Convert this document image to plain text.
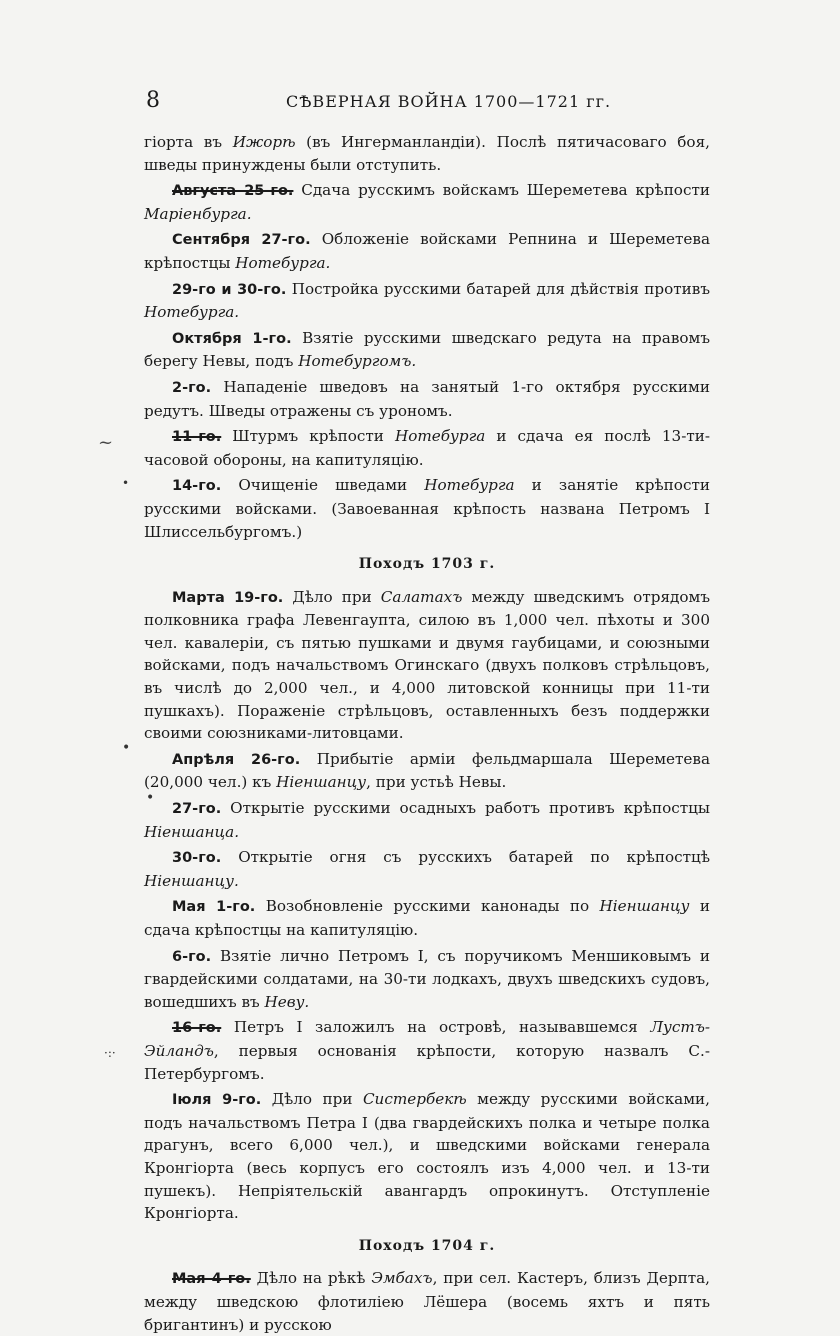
8	СѢВЕРНАЯ ВОЙНА 1700—1721 гг.
•
~
•
•
·:·

гіорта въ Ижорѣ (въ Ингерманландіи). Послѣ пятичасоваго боя, шведы принуждены были отступить.

Августа 25-го. Сдача русскимъ войскамъ Шереметева крѣпости Маріенбурга.

Сентября 27-го. Обложеніе войсками Репнина и Шереметева крѣпостцы Нотебурга.

29-го и 30-го. Постройка русскими батарей для дѣйствія противъ Нотебурга.

Октября 1-го. Взятіе русскими шведскаго редута на правомъ берегу Невы, подъ Нотебургомъ.

2-го. Нападеніе шведовъ на занятый 1-го октября русскими редутъ. Шведы отражены съ урономъ.

11-го. Штурмъ крѣпости Нотебурга и сдача ея послѣ 13-ти-часовой обороны, на капитуляцію.

14-го. Очищеніе шведами Нотебурга и занятіе крѣпости русскими войсками. (Завоеванная крѣпость названа Петромъ I Шлиссельбургомъ.)

Походъ 1703 г.

Марта 19-го. Дѣло при Салатахъ между шведскимъ отрядомъ полковника графа Левенгаупта, силою въ 1,000 чел. пѣхоты и 300 чел. кавалеріи, съ пятью пушками и двумя гаубицами, и союзными войсками, подъ начальствомъ Огинскаго (двухъ полковъ стрѣльцовъ, въ числѣ до 2,000 чел., и 4,000 литовской конницы при 11-ти пушкахъ). Пораженіе стрѣльцовъ, оставленныхъ безъ поддержки своими союзниками-литовцами.

Апрѣля 26-го. Прибытіе арміи фельдмаршала Шереметева (20,000 чел.) къ Ніеншанцу, при устьѣ Невы.

27-го. Открытіе русскими осадныхъ работъ противъ крѣпостцы Ніеншанца.

30-го. Открытіе огня съ русскихъ батарей по крѣпостцѣ Ніеншанцу.

Мая 1-го. Возобновленіе русскими канонады по Ніеншанцу и сдача крѣпостцы на капитуляцію.

6-го. Взятіе лично Петромъ I, съ поручикомъ Меншиковымъ и гвардейскими солдатами, на 30-ти лодкахъ, двухъ шведскихъ судовъ, вошедшихъ въ Неву.

16-го. Петръ I заложилъ на островѣ, называвшемся Лустъ-Эйландъ, первыя основанія крѣпости, которую назвалъ С.-Петербургомъ.

Іюля 9-го. Дѣло при Систербекѣ между русскими войсками, подъ начальствомъ Петра I (два гвардейскихъ полка и четыре полка драгунъ, всего 6,000 чел.), и шведскими войсками генерала Кронгіорта (весь корпусъ его состоялъ изъ 4,000 чел. и 13-ти пушекъ). Непріятельскій авангардъ опрокинутъ. Отступленіе Кронгіорта.

Походъ 1704 г.

Мая 4-го. Дѣло на рѣкѣ Эмбахъ, при сел. Кастеръ, близъ Дерпта, между шведскою флотиліею Лёшера (восемь яхтъ и пять бригантинъ) и русскою
